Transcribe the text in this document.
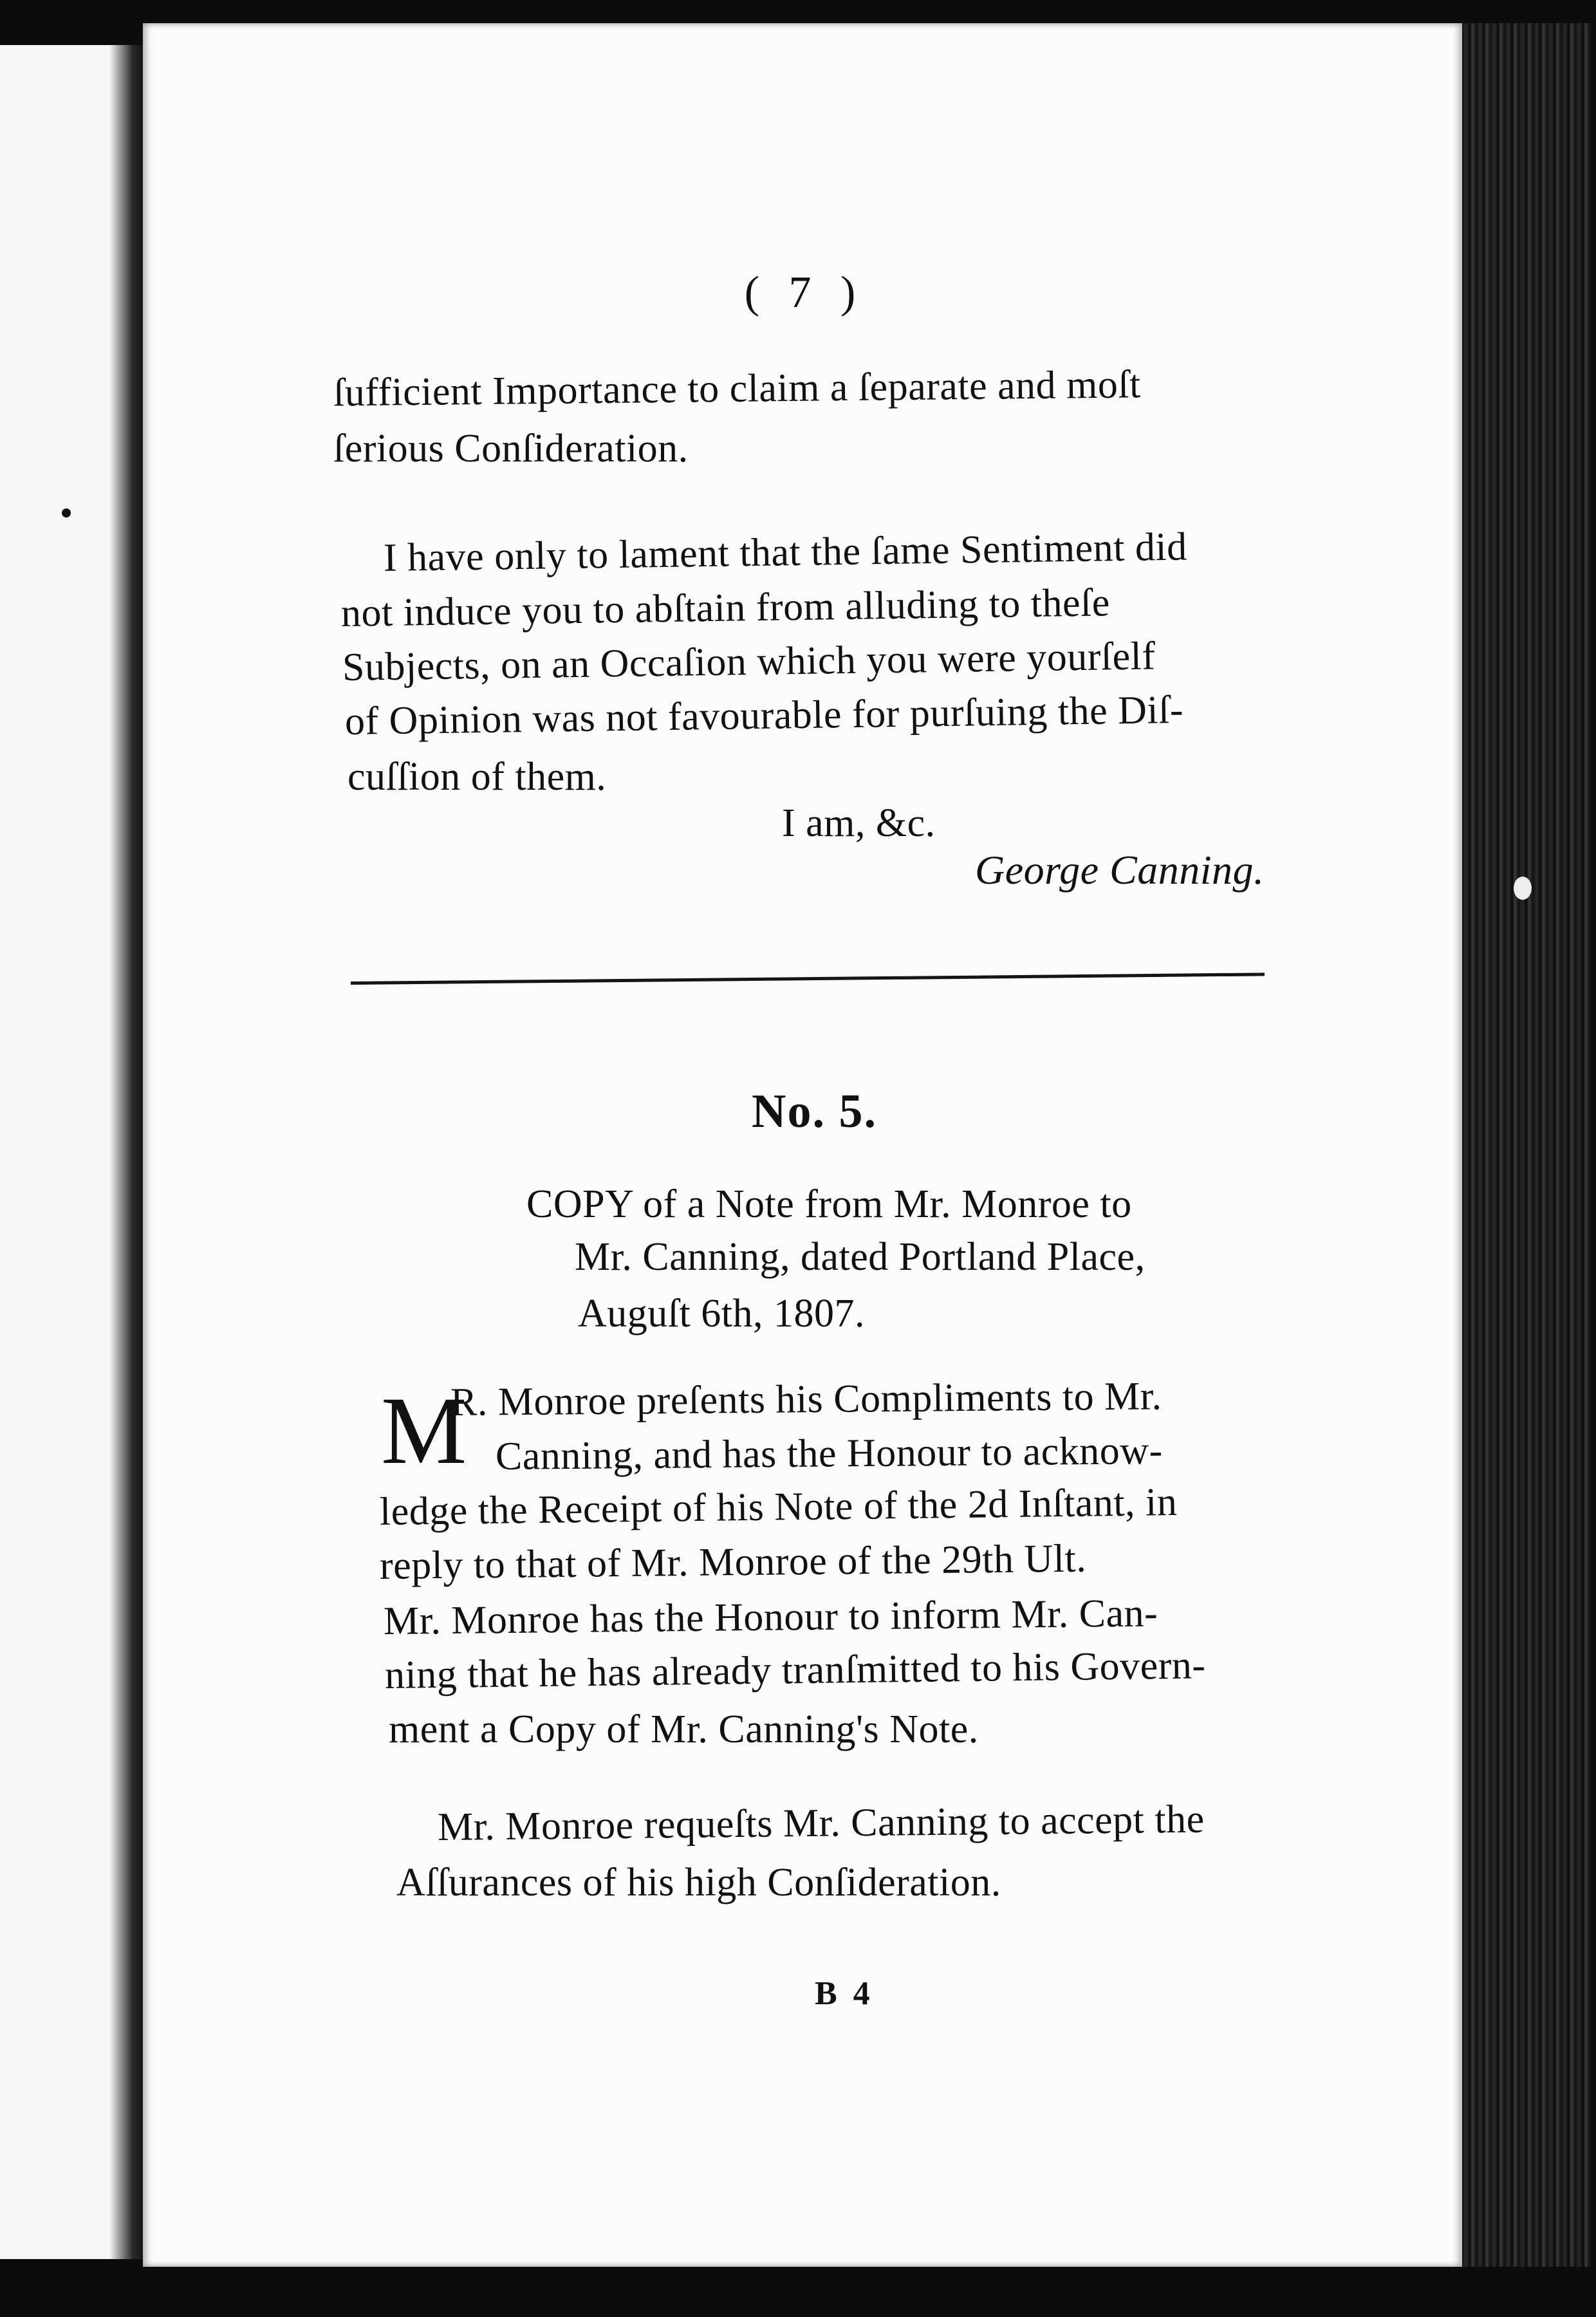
( 7 )
ſufficient Importance to claim a ſeparate and moſt
ſerious Conſideration.
I have only to lament that the ſame Sentiment did
not induce you to abſtain from alluding to theſe
Subjects, on an Occaſion which you were yourſelf
of Opinion was not favourable for purſuing the Diſ-
cuſſion of them.
I am, &c.
George Canning.
No. 5.
COPY of a Note from Mr. Monroe to
Mr. Canning, dated Portland Place,
Auguſt 6th, 1807.
M
R. Monroe preſents his Compliments to Mr.
Canning, and has the Honour to acknow-
ledge the Receipt of his Note of the 2d Inſtant, in
reply to that of Mr. Monroe of the 29th Ult.
Mr. Monroe has the Honour to inform Mr. Can-
ning that he has already tranſmitted to his Govern-
ment a Copy of Mr. Canning's Note.
Mr. Monroe requeſts Mr. Canning to accept the
Aſſurances of his high Conſideration.
B 4
